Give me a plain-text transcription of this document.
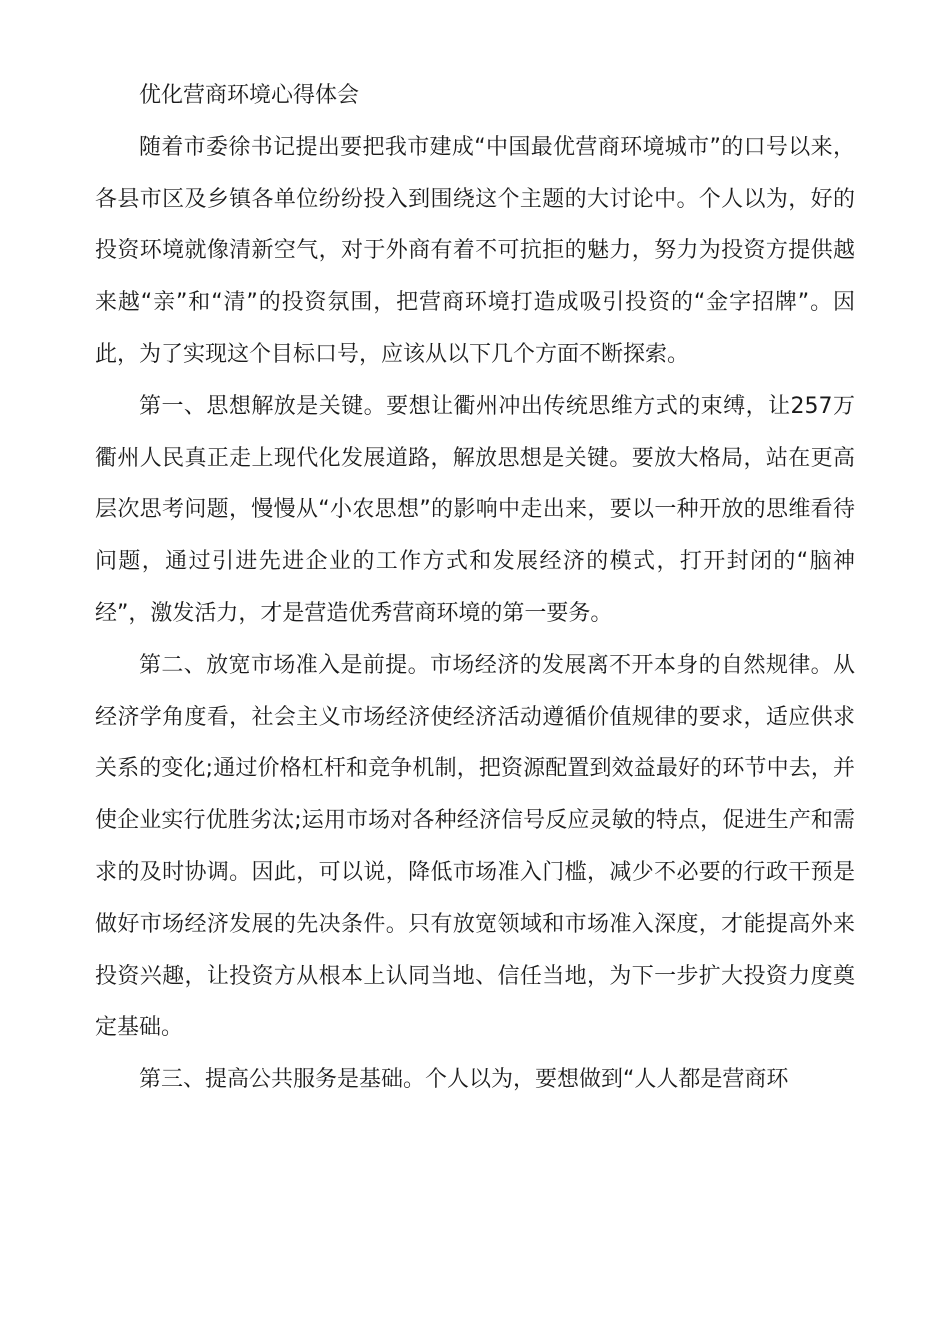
优化营商环境心得体会

随着市委徐书记提出要把我市建成“中国最优营商环境城市”的口号以来，各县市区及乡镇各单位纷纷投入到围绕这个主题的大讨论中。个人以为，好的投资环境就像清新空气，对于外商有着不可抗拒的魅力，努力为投资方提供越来越“亲”和“清”的投资氛围，把营商环境打造成吸引投资的“金字招牌”。因此，为了实现这个目标口号，应该从以下几个方面不断探索。

第一、思想解放是关键。要想让衢州冲出传统思维方式的束缚，让257万衢州人民真正走上现代化发展道路，解放思想是关键。要放大格局，站在更高层次思考问题，慢慢从“小农思想”的影响中走出来，要以一种开放的思维看待问题，通过引进先进企业的工作方式和发展经济的模式，打开封闭的“脑神经”，激发活力，才是营造优秀营商环境的第一要务。

第二、放宽市场准入是前提。市场经济的发展离不开本身的自然规律。从经济学角度看，社会主义市场经济使经济活动遵循价值规律的要求，适应供求关系的变化;通过价格杠杆和竞争机制，把资源配置到效益最好的环节中去，并使企业实行优胜劣汰;运用市场对各种经济信号反应灵敏的特点，促进生产和需求的及时协调。因此，可以说，降低市场准入门槛，减少不必要的行政干预是做好市场经济发展的先决条件。只有放宽领域和市场准入深度，才能提高外来投资兴趣，让投资方从根本上认同当地、信任当地，为下一步扩大投资力度奠定基础。

第三、提高公共服务是基础。个人以为，要想做到“人人都是营商环
